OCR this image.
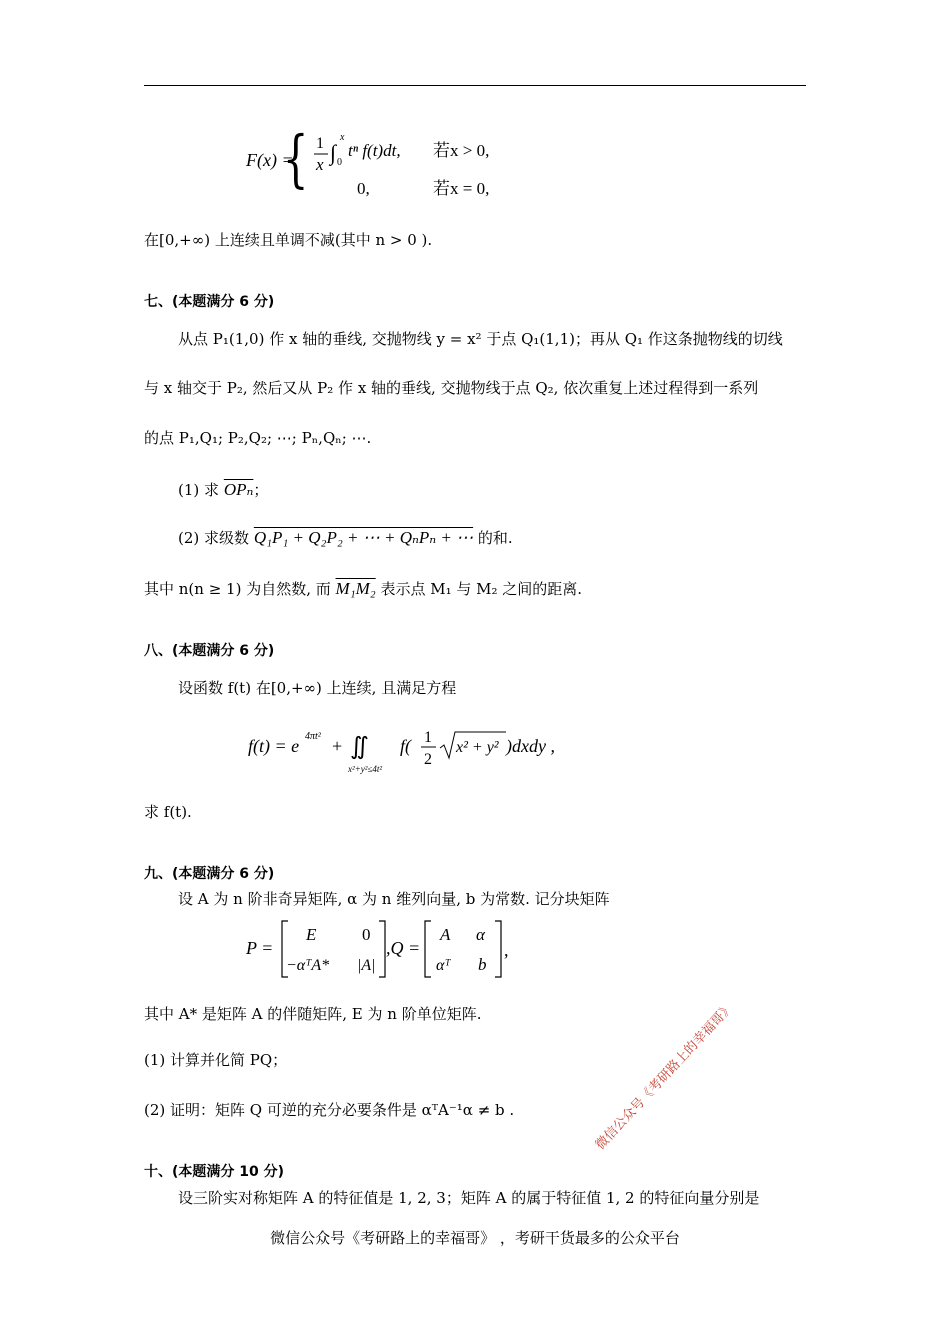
F(x) =
{ 1
x ∫
x
0
tⁿ f(t)dt, 若x > 0,
0,	若x = 0,
在[0,+∞) 上连续且单调不减(其中 n > 0 ).
七、(本题满分 6 分)
从点 P₁(1,0) 作 x 轴的垂线, 交抛物线 y = x² 于点 Q₁(1,1)；再从 Q₁ 作这条抛物线的切线
与 x 轴交于 P₂, 然后又从 P₂ 作 x 轴的垂线, 交抛物线于点 Q₂, 依次重复上述过程得到一系列
的点 P₁,Q₁; P₂,Q₂; ⋯; Pₙ,Qₙ; ⋯.
(1) 求 $\overline{OP_n}$；
(2) 求级数 Q₁P₁ + Q₂P₂ + ⋯ + QₙPₙ + ⋯ 的和.
其中 n(n ≥ 1) 为自然数, 而 M₁M₂ 表示点 M₁ 与 M₂ 之间的距离.
八、(本题满分 6 分)
设函数 f(t) 在[0,+∞) 上连续, 且满足方程
f(t) = e 4πt² + ∬
x²+y²≤4t²
f( 1
2
x² + y² )dxdy ,
求 f(t).
九、(本题满分 6 分)
设 A 为 n 阶非奇异矩阵, α 为 n 维列向量, b 为常数. 记分块矩阵
P =
E	0
−αᵀA* |A|
,Q =
A α
αᵀ b
,
其中 A* 是矩阵 A 的伴随矩阵, E 为 n 阶单位矩阵.
(1) 计算并化简 PQ；
(2) 证明：矩阵 Q 可逆的充分必要条件是 αᵀA⁻¹α ≠ b .
十、(本题满分 10 分)
设三阶实对称矩阵 A 的特征值是 1, 2, 3；矩阵 A 的属于特征值 1, 2 的特征向量分别是
微信公众号《考研路上的幸福哥》
微信公众号《考研路上的幸福哥》 ，考研干货最多的公众平台
